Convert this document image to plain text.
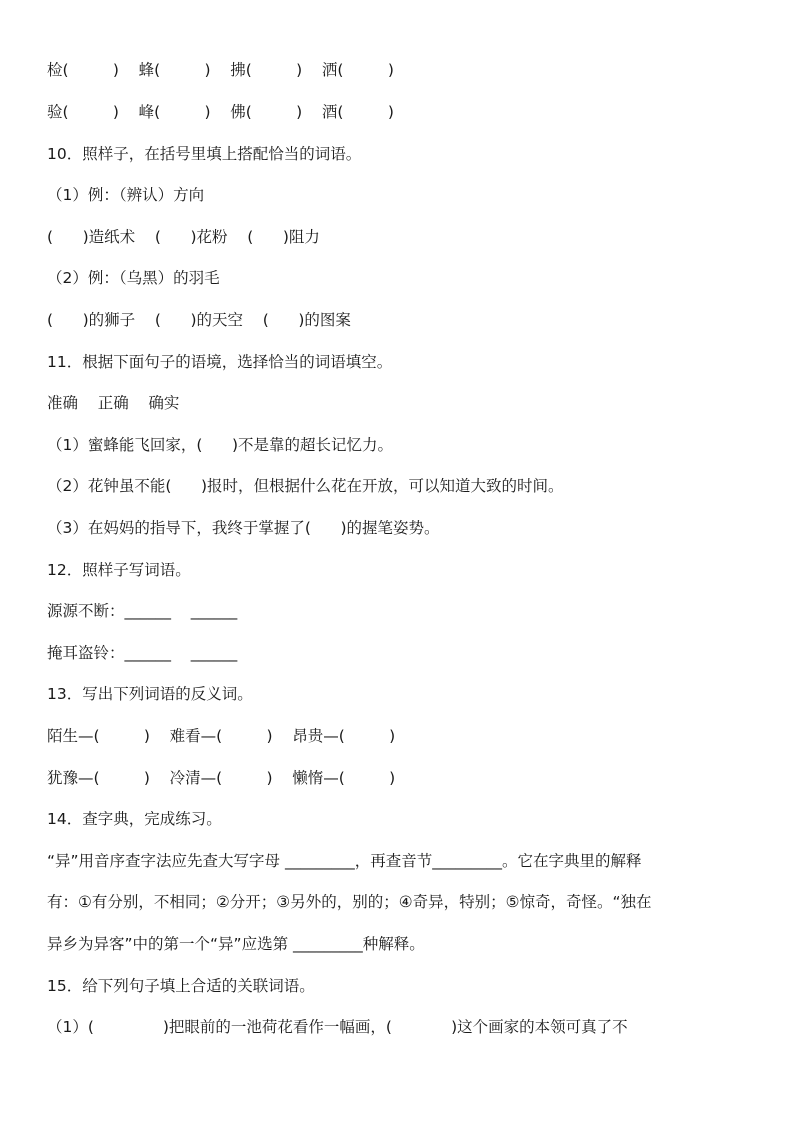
检(         )    蜂(         )    拂(         )    洒(         )
验(         )    峰(         )    佛(         )    酒(         )
10．照样子，在括号里填上搭配恰当的词语。
（1）例：（辨认）方向
(      )造纸术    (      )花粉    (      )阻力
（2）例：（乌黑）的羽毛
(      )的狮子    (      )的天空    (      )的图案
11．根据下面句子的语境，选择恰当的词语填空。
准确    正确    确实
（1）蜜蜂能飞回家，(      )不是靠的超长记忆力。
（2）花钟虽不能(      )报时，但根据什么花在开放，可以知道大致的时间。
（3）在妈妈的指导下，我终于掌握了(      )的握笔姿势。
12．照样子写词语。
源源不断：______    ______
掩耳盗铃：______    ______
13．写出下列词语的反义词。
陌生—(         )    难看—(         )    昂贵—(         )
犹豫—(         )    冷清—(         )    懒惰—(         )
14．查字典，完成练习。
“异”用音序查字法应先查大写字母 _________，再查音节_________。它在字典里的解释
有：①有分别，不相同；②分开；③另外的，别的；④奇异，特别；⑤惊奇，奇怪。“独在
异乡为异客”中的第一个“异”应选第 _________种解释。
15．给下列句子填上合适的关联词语。
（1）(              )把眼前的一池荷花看作一幅画，(            )这个画家的本领可真了不
